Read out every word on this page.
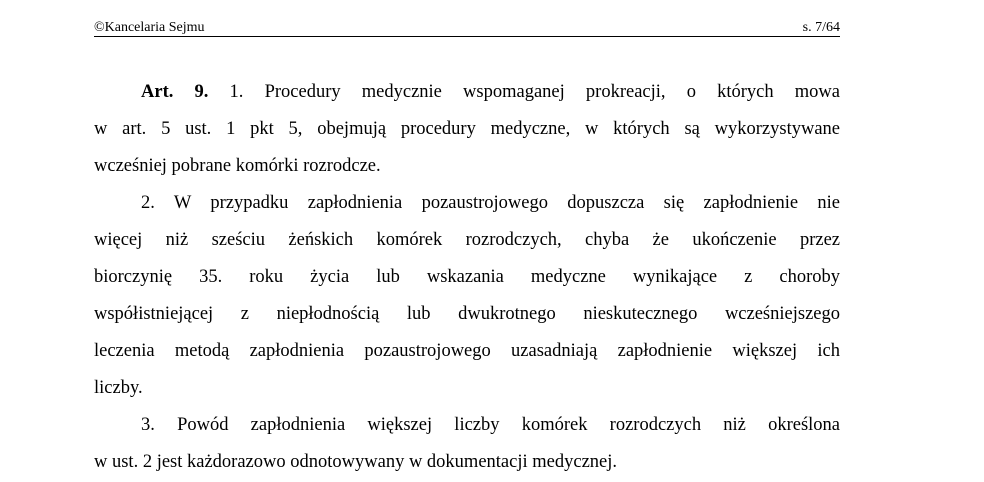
©Kancelaria Sejmu	s. 7/64
Art. 9. 1. Procedury medycznie wspomaganej prokreacji, o których mowa
w art. 5 ust. 1 pkt 5, obejmują procedury medyczne, w których są wykorzystywane
wcześniej pobrane komórki rozrodcze.
2. W przypadku zapłodnienia pozaustrojowego dopuszcza się zapłodnienie nie
więcej niż sześciu żeńskich komórek rozrodczych, chyba że ukończenie przez
biorczynię 35. roku życia lub wskazania medyczne wynikające z choroby
współistniejącej z niepłodnością lub dwukrotnego nieskutecznego wcześniejszego
leczenia metodą zapłodnienia pozaustrojowego uzasadniają zapłodnienie większej ich
liczby.
3. Powód zapłodnienia większej liczby komórek rozrodczych niż określona
w ust. 2 jest każdorazowo odnotowywany w dokumentacji medycznej.
